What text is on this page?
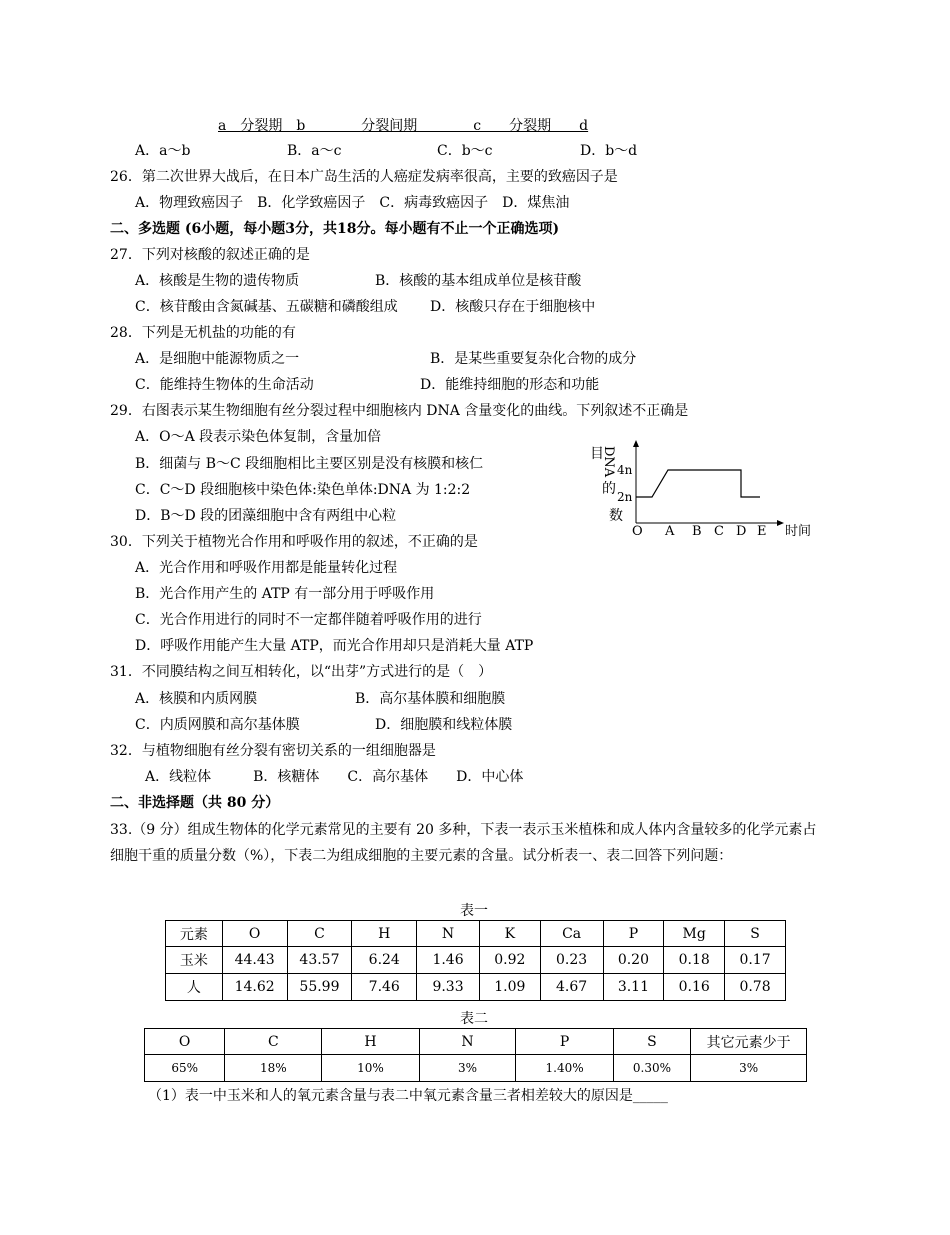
a　分裂期　b　　　　分裂间期　　　　c　　分裂期　　d
A．a～b	B．a～c	C．b～c	D．b～d
26．第二次世界大战后，在日本广岛生活的人癌症发病率很高，主要的致癌因子是
A．物理致癌因子　B．化学致癌因子　C．病毒致癌因子　D．煤焦油
二、多选题 (6小题，每小题3分，共18分。每小题有不止一个正确选项)
27．下列对核酸的叙述正确的是
A．核酸是生物的遗传物质	B．核酸的基本组成单位是核苷酸
C．核苷酸由含氮碱基、五碳糖和磷酸组成 D．核酸只存在于细胞核中
28．下列是无机盐的功能的有
A．是细胞中能源物质之一	B．是某些重要复杂化合物的成分
C．能维持生物体的生命活动	D．能维持细胞的形态和功能
29．右图表示某生物细胞有丝分裂过程中细胞核内 DNA 含量变化的曲线。下列叙述不正确是
A．O～A 段表示染色体复制，含量加倍
B．细菌与 B～C 段细胞相比主要区别是没有核膜和核仁
C．C～D 段细胞核中染色体:染色单体:DNA 为 1:2:2
D．B～D 段的团藻细胞中含有两组中心粒
目
的
数
DNA 4n
2n
O A B C D E 时间
30．下列关于植物光合作用和呼吸作用的叙述，不正确的是
A．光合作用和呼吸作用都是能量转化过程
B．光合作用产生的 ATP 有一部分用于呼吸作用
C．光合作用进行的同时不一定都伴随着呼吸作用的进行
D．呼吸作用能产生大量 ATP，而光合作用却只是消耗大量 ATP
31．不同膜结构之间互相转化，以“出芽”方式进行的是（　）
A．核膜和内质网膜	B．高尔基体膜和细胞膜
C．内质网膜和高尔基体膜	D．细胞膜和线粒体膜
32．与植物细胞有丝分裂有密切关系的一组细胞器是
A．线粒体　　　B．核糖体　　C．高尔基体　　D．中心体
二、非选择题（共 80 分）
33.（9 分）组成生物体的化学元素常见的主要有 20 多种，下表一表示玉米植株和成人体内含量较多的化学元素占
细胞干重的质量分数（%），下表二为组成细胞的主要元素的含量。试分析表一、表二回答下列问题：
表一
元素	O	C	H	N	K	Ca	P	Mg	S
玉米	44.43	43.57	6.24	1.46	0.92	0.23	0.20	0.18	0.17
人	14.62	55.99	7.46	9.33	1.09	4.67	3.11	0.16	0.78
表二
O	C	H	N	P	S	其它元素少于
65%	18%	10%	3%	1.40%	0.30%	3%
（1）表一中玉米和人的氧元素含量与表二中氧元素含量三者相差较大的原因是_____
